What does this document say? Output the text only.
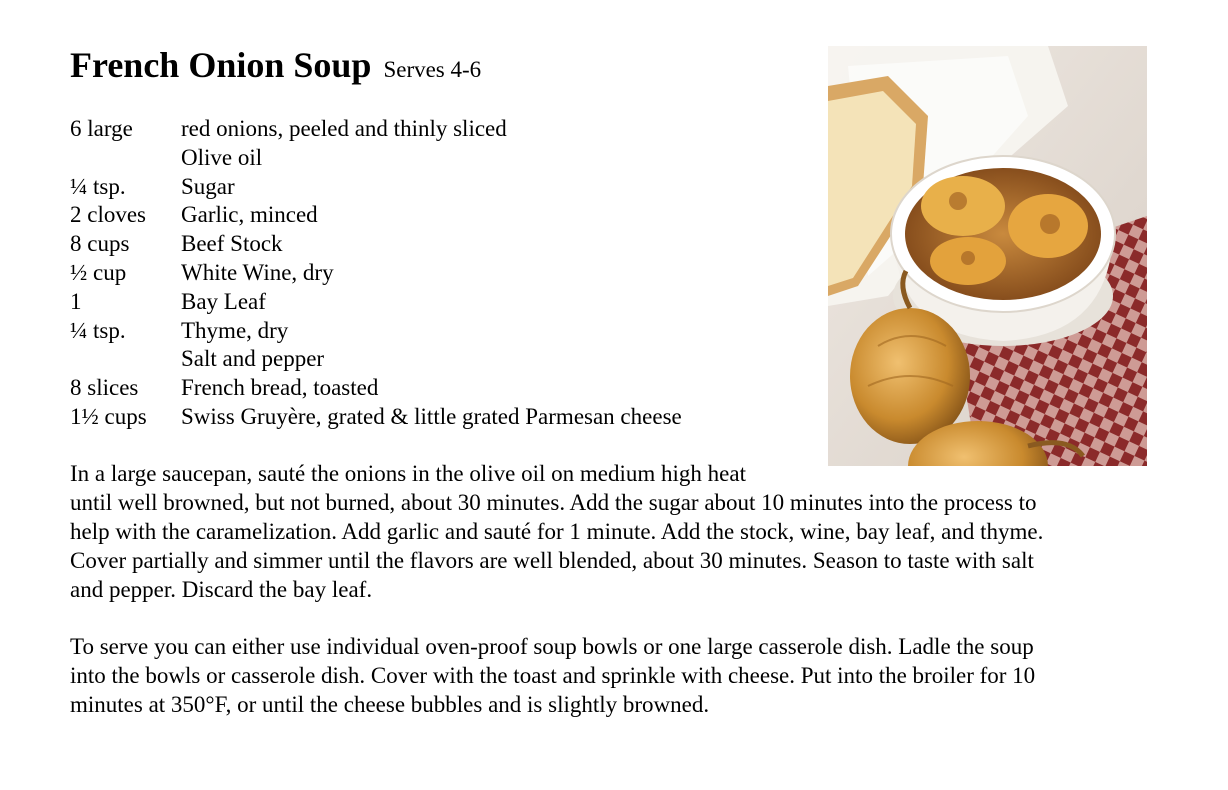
French Onion Soup Serves 4-6
6 large red onions, peeled and thinly sliced
Olive oil
¼ tsp. Sugar
2 cloves Garlic, minced
8 cups Beef Stock
½ cup White Wine, dry
1	Bay Leaf
¼ tsp. Thyme, dry
Salt and pepper
8 slices French bread, toasted
1½ cups Swiss Gruyère, grated & little grated Parmesan cheese
In a large saucepan, sauté the onions in the olive oil on medium high heat
until well browned, but not burned, about 30 minutes. Add the sugar about 10 minutes into the process to
help with the caramelization. Add garlic and sauté for 1 minute. Add the stock, wine, bay leaf, and thyme.
Cover partially and simmer until the flavors are well blended, about 30 minutes. Season to taste with salt
and pepper. Discard the bay leaf.
To serve you can either use individual oven-proof soup bowls or one large casserole dish. Ladle the soup
into the bowls or casserole dish. Cover with the toast and sprinkle with cheese. Put into the broiler for 10
minutes at 350°F, or until the cheese bubbles and is slightly browned.
